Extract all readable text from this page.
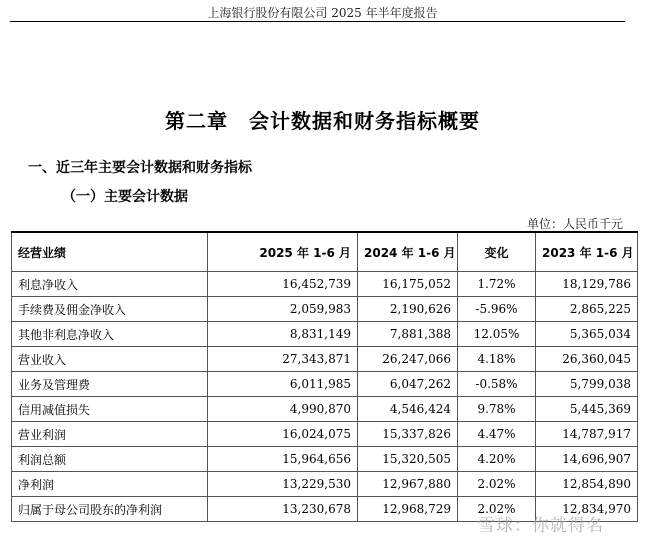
上海银行股份有限公司 2025 年半年度报告
第二章　会计数据和财务指标概要
一、近三年主要会计数据和财务指标
（一）主要会计数据
单位：人民币千元
经营业绩	2025 年 1-6 月	2024 年 1-6 月	变化	2023 年 1-6 月
利息净收入	16,452,739	16,175,052	1.72%	18,129,786
手续费及佣金净收入	2,059,983	2,190,626	-5.96%	2,865,225
其他非利息净收入	8,831,149	7,881,388	12.05%	5,365,034
营业收入	27,343,871	26,247,066	4.18%	26,360,045
业务及管理费	6,011,985	6,047,262	-0.58%	5,799,038
信用减值损失	4,990,870	4,546,424	9.78%	5,445,369
营业利润	16,024,075	15,337,826	4.47%	14,787,917
利润总额	15,964,656	15,320,505	4.20%	14,696,907
净利润	13,229,530	12,967,880	2.02%	12,854,890
归属于母公司股东的净利润	13,230,678	12,968,729	2.02%	12,834,970
雪球：你就得名
